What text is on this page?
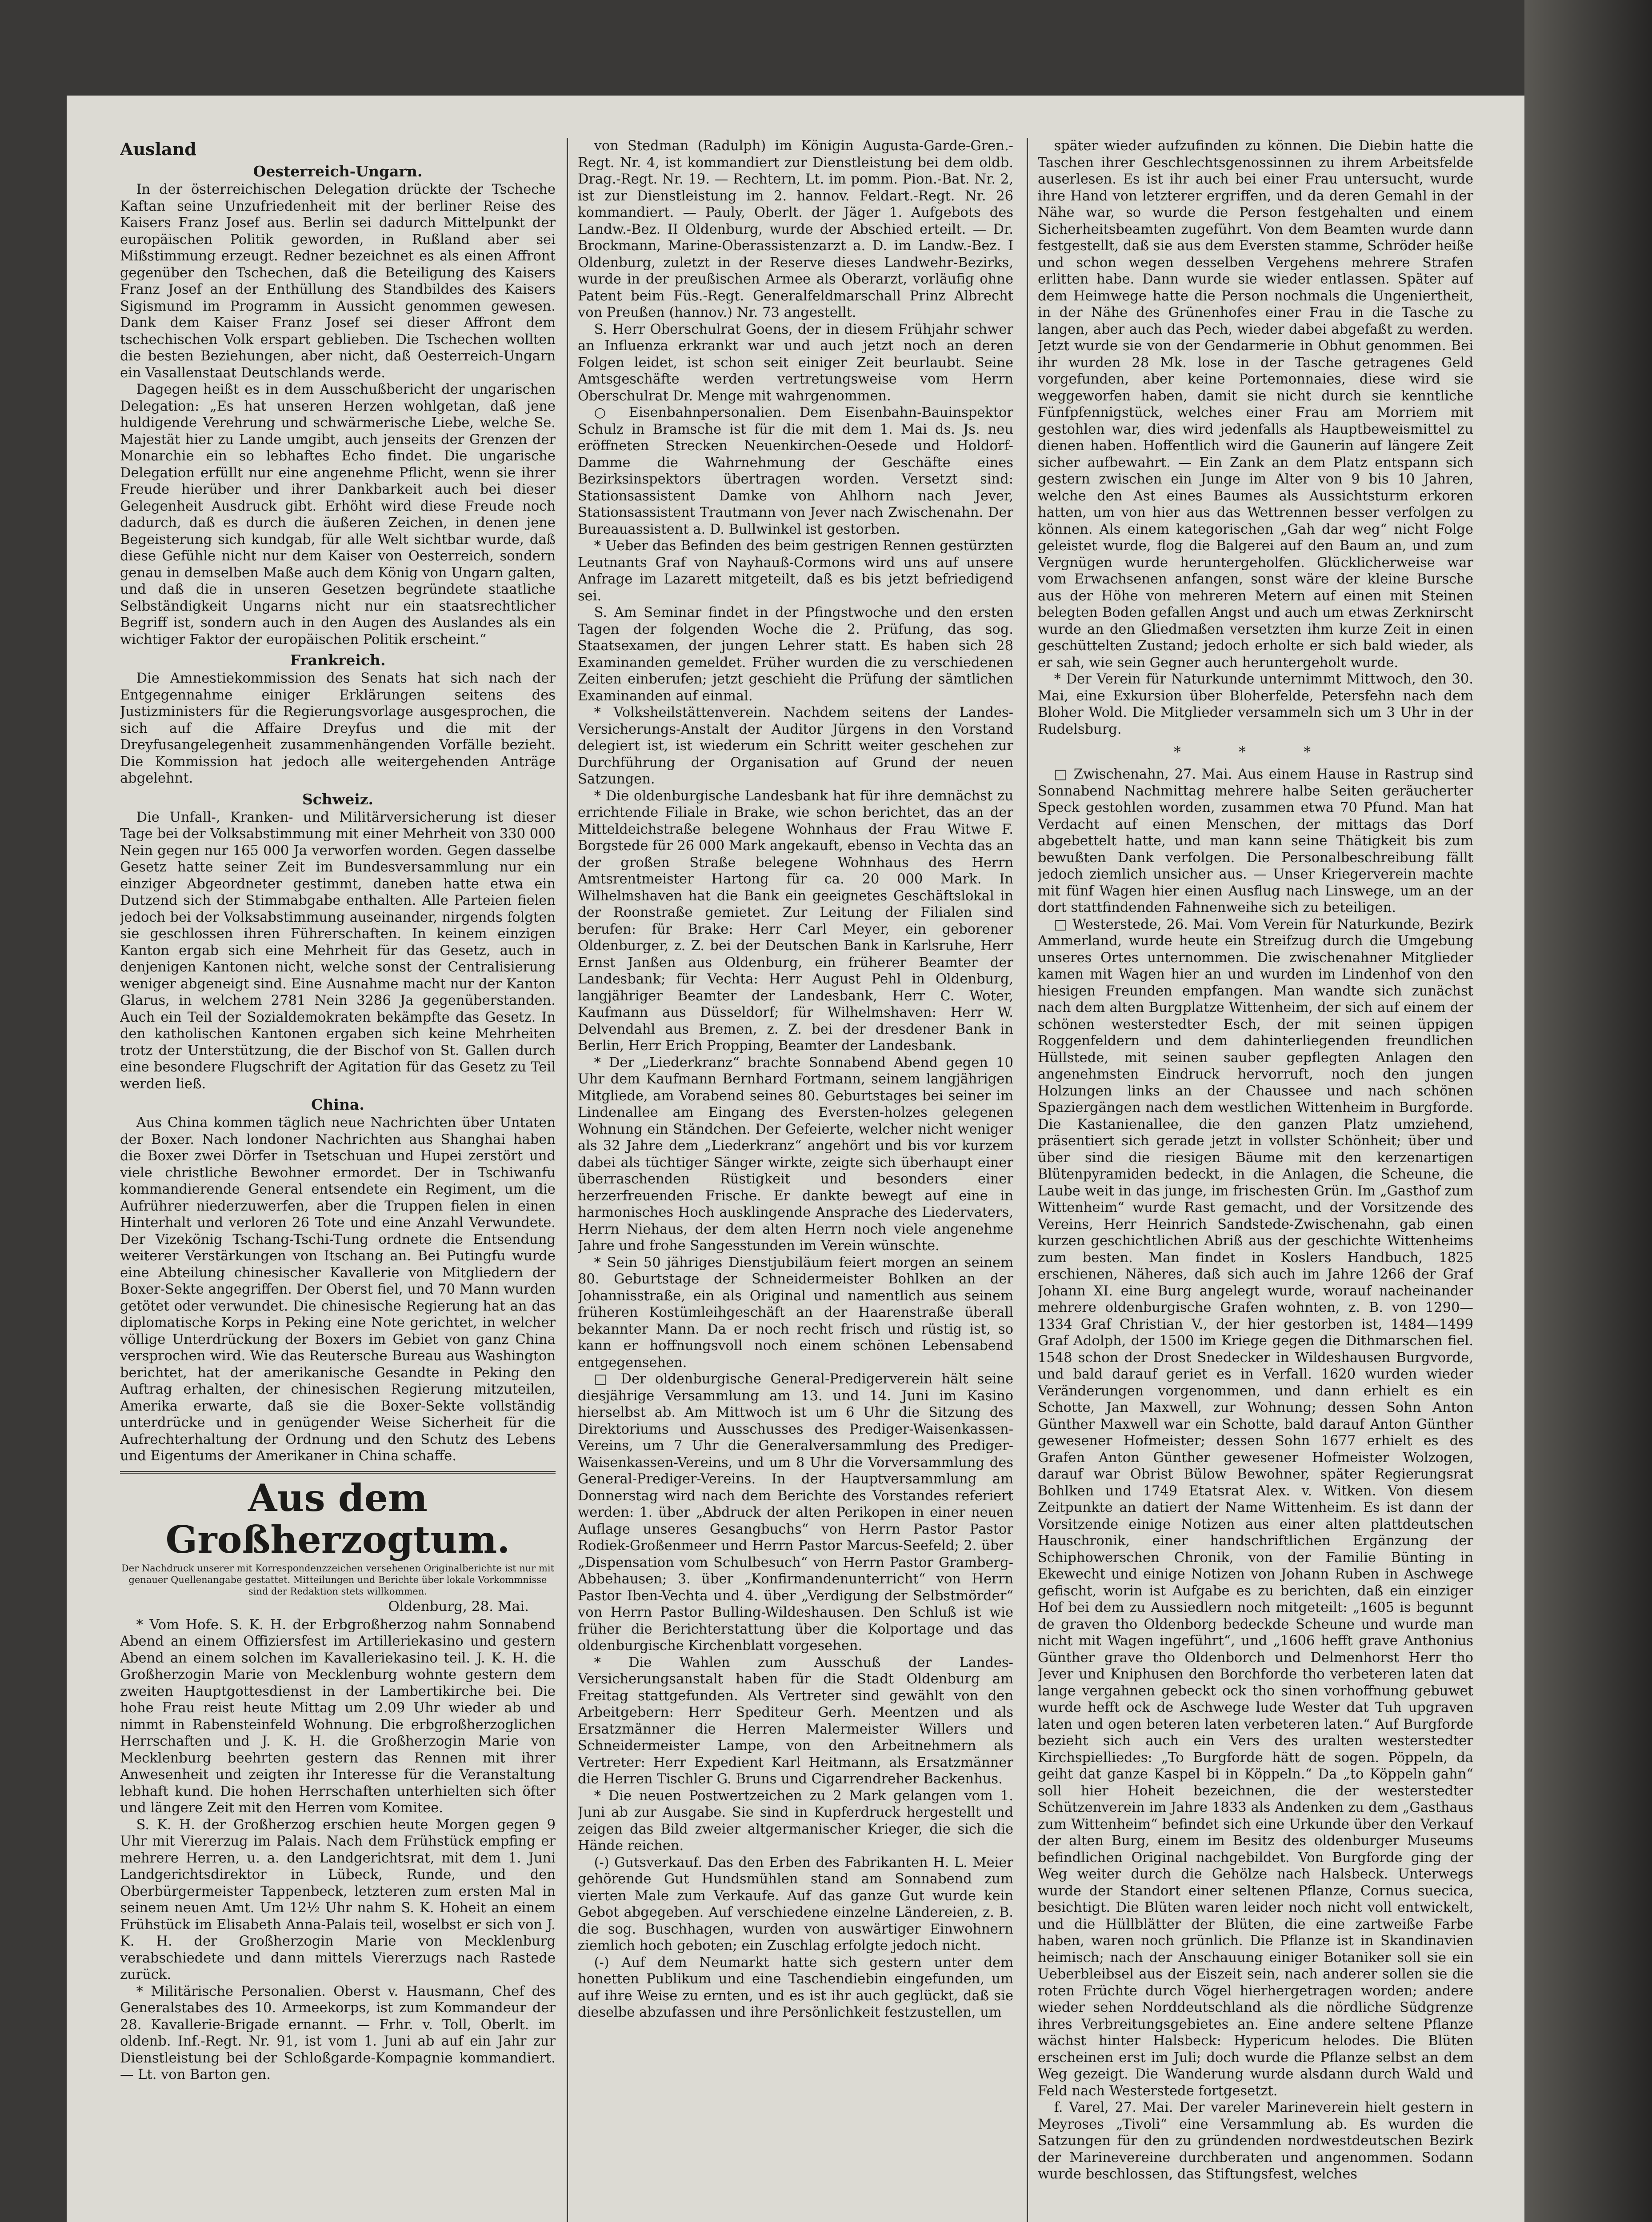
Ausland
Oesterreich-Ungarn.

In der österreichischen Delegation drückte der Tscheche Kaftan seine Unzufriedenheit mit der berliner Reise des Kaisers Franz Josef aus. Berlin sei dadurch Mittelpunkt der europäischen Politik geworden, in Rußland aber sei Mißstimmung erzeugt. Redner bezeichnet es als einen Affront gegenüber den Tschechen, daß die Beteiligung des Kaisers Franz Josef an der Enthüllung des Standbildes des Kaisers Sigismund im Programm in Aussicht genommen gewesen. Dank dem Kaiser Franz Josef sei dieser Affront dem tschechischen Volk erspart geblieben. Die Tschechen wollten die besten Beziehungen, aber nicht, daß Oesterreich-Ungarn ein Vasallenstaat Deutschlands werde.

Dagegen heißt es in dem Ausschußbericht der ungarischen Delegation: „Es hat unseren Herzen wohlgetan, daß jene huldigende Verehrung und schwärmerische Liebe, welche Se. Majestät hier zu Lande umgibt, auch jenseits der Grenzen der Monarchie ein so lebhaftes Echo findet. Die ungarische Delegation erfüllt nur eine angenehme Pflicht, wenn sie ihrer Freude hierüber und ihrer Dankbarkeit auch bei dieser Gelegenheit Ausdruck gibt. Erhöht wird diese Freude noch dadurch, daß es durch die äußeren Zeichen, in denen jene Begeisterung sich kundgab, für alle Welt sichtbar wurde, daß diese Gefühle nicht nur dem Kaiser von Oesterreich, sondern genau in demselben Maße auch dem König von Ungarn galten, und daß die in unseren Gesetzen begründete staatliche Selbständigkeit Ungarns nicht nur ein staatsrechtlicher Begriff ist, sondern auch in den Augen des Auslandes als ein wichtiger Faktor der europäischen Politik erscheint.“

Frankreich.

Die Amnestiekommission des Senats hat sich nach der Entgegennahme einiger Erklärungen seitens des Justizministers für die Regierungsvorlage ausgesprochen, die sich auf die Affaire Dreyfus und die mit der Dreyfusangelegenheit zusammenhängenden Vorfälle bezieht. Die Kommission hat jedoch alle weitergehenden Anträge abgelehnt.

Schweiz.

Die Unfall-, Kranken- und Militärversicherung ist dieser Tage bei der Volksabstimmung mit einer Mehrheit von 330 000 Nein gegen nur 165 000 Ja verworfen worden. Gegen dasselbe Gesetz hatte seiner Zeit im Bundesversammlung nur ein einziger Abgeordneter gestimmt, daneben hatte etwa ein Dutzend sich der Stimmabgabe enthalten. Alle Parteien fielen jedoch bei der Volksabstimmung auseinander, nirgends folgten sie geschlossen ihren Führerschaften. In keinem einzigen Kanton ergab sich eine Mehrheit für das Gesetz, auch in denjenigen Kantonen nicht, welche sonst der Centralisierung weniger abgeneigt sind. Eine Ausnahme macht nur der Kanton Glarus, in welchem 2781 Nein 3286 Ja gegenüberstanden. Auch ein Teil der Sozialdemokraten bekämpfte das Gesetz. In den katholischen Kantonen ergaben sich keine Mehrheiten trotz der Unterstützung, die der Bischof von St. Gallen durch eine besondere Flugschrift der Agitation für das Gesetz zu Teil werden ließ.

China.

Aus China kommen täglich neue Nachrichten über Untaten der Boxer. Nach londoner Nachrichten aus Shanghai haben die Boxer zwei Dörfer in Tsetschuan und Hupei zerstört und viele christliche Bewohner ermordet. Der in Tschiwanfu kommandierende General entsendete ein Regiment, um die Aufrührer niederzuwerfen, aber die Truppen fielen in einen Hinterhalt und verloren 26 Tote und eine Anzahl Verwundete. Der Vizekönig Tschang-Tschi-Tung ordnete die Entsendung weiterer Verstärkungen von Itschang an. Bei Putingfu wurde eine Abteilung chinesischer Kavallerie von Mitgliedern der Boxer-Sekte angegriffen. Der Oberst fiel, und 70 Mann wurden getötet oder verwundet. Die chinesische Regierung hat an das diplomatische Korps in Peking eine Note gerichtet, in welcher völlige Unterdrückung der Boxers im Gebiet von ganz China versprochen wird. Wie das Reutersche Bureau aus Washington berichtet, hat der amerikanische Gesandte in Peking den Auftrag erhalten, der chinesischen Regierung mitzuteilen, Amerika erwarte, daß sie die Boxer-Sekte vollständig unterdrücke und in genügender Weise Sicherheit für die Aufrechterhaltung der Ordnung und den Schutz des Lebens und Eigentums der Amerikaner in China schaffe.

Aus dem Großherzogtum.

Der Nachdruck unserer mit Korrespondenzzeichen versehenen Originalberichte ist nur mit genauer Quellenangabe gestattet. Mitteilungen und Berichte über lokale Vorkommnisse sind der Redaktion stets willkommen.

Oldenburg, 28. Mai.

* Vom Hofe. S. K. H. der Erbgroßherzog nahm Sonnabend Abend an einem Offiziersfest im Artilleriekasino und gestern Abend an einem solchen im Kavalleriekasino teil. J. K. H. die Großherzogin Marie von Mecklenburg wohnte gestern dem zweiten Hauptgottesdienst in der Lambertikirche bei. Die hohe Frau reist heute Mittag um 2.09 Uhr wieder ab und nimmt in Rabensteinfeld Wohnung. Die erbgroßherzoglichen Herrschaften und J. K. H. die Großherzogin Marie von Mecklenburg beehrten gestern das Rennen mit ihrer Anwesenheit und zeigten ihr Interesse für die Veranstaltung lebhaft kund. Die hohen Herrschaften unterhielten sich öfter und längere Zeit mit den Herren vom Komitee.

S. K. H. der Großherzog erschien heute Morgen gegen 9 Uhr mit Viererzug im Palais. Nach dem Frühstück empfing er mehrere Herren, u. a. den Landgerichtsrat, mit dem 1. Juni Landgerichtsdirektor in Lübeck, Runde, und den Oberbürgermeister Tappenbeck, letzteren zum ersten Mal in seinem neuen Amt. Um 12½ Uhr nahm S. K. Hoheit an einem Frühstück im Elisabeth Anna-Palais teil, woselbst er sich von J. K. H. der Großherzogin Marie von Mecklenburg verabschiedete und dann mittels Viererzugs nach Rastede zurück.

* Militärische Personalien. Oberst v. Hausmann, Chef des Generalstabes des 10. Armeekorps, ist zum Kommandeur der 28. Kavallerie-Brigade ernannt. — Frhr. v. Toll, Oberlt. im oldenb. Inf.-Regt. Nr. 91, ist vom 1. Juni ab auf ein Jahr zur Dienstleistung bei der Schloßgarde-Kompagnie kommandiert. — Lt. von Barton gen.

von Stedman (Radulph) im Königin Augusta-Garde-Gren.-Regt. Nr. 4, ist kommandiert zur Dienstleistung bei dem oldb. Drag.-Regt. Nr. 19. — Rechtern, Lt. im pomm. Pion.-Bat. Nr. 2, ist zur Dienstleistung im 2. hannov. Feldart.-Regt. Nr. 26 kommandiert. — Pauly, Oberlt. der Jäger 1. Aufgebots des Landw.-Bez. II Oldenburg, wurde der Abschied erteilt. — Dr. Brockmann, Marine-Oberassistenzarzt a. D. im Landw.-Bez. I Oldenburg, zuletzt in der Reserve dieses Landwehr-Bezirks, wurde in der preußischen Armee als Oberarzt, vorläufig ohne Patent beim Füs.-Regt. Generalfeldmarschall Prinz Albrecht von Preußen (hannov.) Nr. 73 angestellt.

S. Herr Oberschulrat Goens, der in diesem Frühjahr schwer an Influenza erkrankt war und auch jetzt noch an deren Folgen leidet, ist schon seit einiger Zeit beurlaubt. Seine Amtsgeschäfte werden vertretungsweise vom Herrn Oberschulrat Dr. Menge mit wahrgenommen.

○ Eisenbahnpersonalien. Dem Eisenbahn-Bauinspektor Schulz in Bramsche ist für die mit dem 1. Mai ds. Js. neu eröffneten Strecken Neuenkirchen-Oesede und Holdorf-Damme die Wahrnehmung der Geschäfte eines Bezirksinspektors übertragen worden. Versetzt sind: Stationsassistent Damke von Ahlhorn nach Jever, Stationsassistent Trautmann von Jever nach Zwischenahn. Der Bureauassistent a. D. Bullwinkel ist gestorben.

* Ueber das Befinden des beim gestrigen Rennen gestürzten Leutnants Graf von Nayhauß-Cormons wird uns auf unsere Anfrage im Lazarett mitgeteilt, daß es bis jetzt befriedigend sei.

S. Am Seminar findet in der Pfingstwoche und den ersten Tagen der folgenden Woche die 2. Prüfung, das sog. Staatsexamen, der jungen Lehrer statt. Es haben sich 28 Examinanden gemeldet. Früher wurden die zu verschiedenen Zeiten einberufen; jetzt geschieht die Prüfung der sämtlichen Examinanden auf einmal.

* Volksheilstättenverein. Nachdem seitens der Landes-Versicherungs-Anstalt der Auditor Jürgens in den Vorstand delegiert ist, ist wiederum ein Schritt weiter geschehen zur Durchführung der Organisation auf Grund der neuen Satzungen.

* Die oldenburgische Landesbank hat für ihre demnächst zu errichtende Filiale in Brake, wie schon berichtet, das an der Mitteldeichstraße belegene Wohnhaus der Frau Witwe F. Borgstede für 26 000 Mark angekauft, ebenso in Vechta das an der großen Straße belegene Wohnhaus des Herrn Amtsrentmeister Hartong für ca. 20 000 Mark. In Wilhelmshaven hat die Bank ein geeignetes Geschäftslokal in der Roonstraße gemietet. Zur Leitung der Filialen sind berufen: für Brake: Herr Carl Meyer, ein geborener Oldenburger, z. Z. bei der Deutschen Bank in Karlsruhe, Herr Ernst Janßen aus Oldenburg, ein früherer Beamter der Landesbank; für Vechta: Herr August Pehl in Oldenburg, langjähriger Beamter der Landesbank, Herr C. Woter, Kaufmann aus Düsseldorf; für Wilhelmshaven: Herr W. Delvendahl aus Bremen, z. Z. bei der dresdener Bank in Berlin, Herr Erich Propping, Beamter der Landesbank.

* Der „Liederkranz“ brachte Sonnabend Abend gegen 10 Uhr dem Kaufmann Bernhard Fortmann, seinem langjährigen Mitgliede, am Vorabend seines 80. Geburtstages bei seiner im Lindenallee am Eingang des Eversten-holzes gelegenen Wohnung ein Ständchen. Der Gefeierte, welcher nicht weniger als 32 Jahre dem „Liederkranz“ angehört und bis vor kurzem dabei als tüchtiger Sänger wirkte, zeigte sich überhaupt einer überraschenden Rüstigkeit und besonders einer herzerfreuenden Frische. Er dankte bewegt auf eine in harmonisches Hoch ausklingende Ansprache des Liedervaters, Herrn Niehaus, der dem alten Herrn noch viele angenehme Jahre und frohe Sangesstunden im Verein wünschte.

* Sein 50 jähriges Dienstjubiläum feiert morgen an seinem 80. Geburtstage der Schneidermeister Bohlken an der Johannisstraße, ein als Original und namentlich aus seinem früheren Kostümleihgeschäft an der Haarenstraße überall bekannter Mann. Da er noch recht frisch und rüstig ist, so kann er hoffnungsvoll noch einem schönen Lebensabend entgegensehen.

□ Der oldenburgische General-Predigerverein hält seine diesjährige Versammlung am 13. und 14. Juni im Kasino hierselbst ab. Am Mittwoch ist um 6 Uhr die Sitzung des Direktoriums und Ausschusses des Prediger-Waisenkassen-Vereins, um 7 Uhr die Generalversammlung des Prediger-Waisenkassen-Vereins, und um 8 Uhr die Vorversammlung des General-Prediger-Vereins. In der Hauptversammlung am Donnerstag wird nach dem Berichte des Vorstandes referiert werden: 1. über „Abdruck der alten Perikopen in einer neuen Auflage unseres Gesangbuchs“ von Herrn Pastor Pastor Rodiek-Großenmeer und Herrn Pastor Marcus-Seefeld; 2. über „Dispensation vom Schulbesuch“ von Herrn Pastor Gramberg-Abbehausen; 3. über „Konfirmandenunterricht“ von Herrn Pastor Iben-Vechta und 4. über „Verdigung der Selbstmörder“ von Herrn Pastor Bulling-Wildeshausen. Den Schluß ist wie früher die Berichterstattung über die Kolportage und das oldenburgische Kirchenblatt vorgesehen.

* Die Wahlen zum Ausschuß der Landes-Versicherungsanstalt haben für die Stadt Oldenburg am Freitag stattgefunden. Als Vertreter sind gewählt von den Arbeitgebern: Herr Spediteur Gerh. Meentzen und als Ersatzmänner die Herren Malermeister Willers und Schneidermeister Lampe, von den Arbeitnehmern als Vertreter: Herr Expedient Karl Heitmann, als Ersatzmänner die Herren Tischler G. Bruns und Cigarrendreher Backenhus.

* Die neuen Postwertzeichen zu 2 Mark gelangen vom 1. Juni ab zur Ausgabe. Sie sind in Kupferdruck hergestellt und zeigen das Bild zweier altgermanischer Krieger, die sich die Hände reichen.

(-) Gutsverkauf. Das den Erben des Fabrikanten H. L. Meier gehörende Gut Hundsmühlen stand am Sonnabend zum vierten Male zum Verkaufe. Auf das ganze Gut wurde kein Gebot abgegeben. Auf verschiedene einzelne Ländereien, z. B. die sog. Buschhagen, wurden von auswärtiger Einwohnern ziemlich hoch geboten; ein Zuschlag erfolgte jedoch nicht.

(-) Auf dem Neumarkt hatte sich gestern unter dem honetten Publikum und eine Taschendiebin eingefunden, um auf ihre Weise zu ernten, und es ist ihr auch geglückt, daß sie dieselbe abzufassen und ihre Persönlichkeit festzustellen, um

später wieder aufzufinden zu können. Die Diebin hatte die Taschen ihrer Geschlechtsgenossinnen zu ihrem Arbeitsfelde auserlesen. Es ist ihr auch bei einer Frau untersucht, wurde ihre Hand von letzterer ergriffen, und da deren Gemahl in der Nähe war, so wurde die Person festgehalten und einem Sicherheitsbeamten zugeführt. Von dem Beamten wurde dann festgestellt, daß sie aus dem Eversten stamme, Schröder heiße und schon wegen desselben Vergehens mehrere Strafen erlitten habe. Dann wurde sie wieder entlassen. Später auf dem Heimwege hatte die Person nochmals die Ungeniertheit, in der Nähe des Grünenhofes einer Frau in die Tasche zu langen, aber auch das Pech, wieder dabei abgefaßt zu werden. Jetzt wurde sie von der Gendarmerie in Obhut genommen. Bei ihr wurden 28 Mk. lose in der Tasche getragenes Geld vorgefunden, aber keine Portemonnaies, diese wird sie weggeworfen haben, damit sie nicht durch sie kenntliche Fünfpfennigstück, welches einer Frau am Morriem mit gestohlen war, dies wird jedenfalls als Hauptbeweismittel zu dienen haben. Hoffentlich wird die Gaunerin auf längere Zeit sicher aufbewahrt. — Ein Zank an dem Platz entspann sich gestern zwischen ein Junge im Alter von 9 bis 10 Jahren, welche den Ast eines Baumes als Aussichtsturm erkoren hatten, um von hier aus das Wettrennen besser verfolgen zu können. Als einem kategorischen „Gah dar weg“ nicht Folge geleistet wurde, flog die Balgerei auf den Baum an, und zum Vergnügen wurde heruntergeholfen. Glücklicherweise war vom Erwachsenen anfangen, sonst wäre der kleine Bursche aus der Höhe von mehreren Metern auf einen mit Steinen belegten Boden gefallen Angst und auch um etwas Zerknirscht wurde an den Gliedmaßen versetzten ihm kurze Zeit in einen geschüttelten Zustand; jedoch erholte er sich bald wieder, als er sah, wie sein Gegner auch heruntergeholt wurde.

* Der Verein für Naturkunde unternimmt Mittwoch, den 30. Mai, eine Exkursion über Bloherfelde, Petersfehn nach dem Bloher Wold. Die Mitglieder versammeln sich um 3 Uhr in der Rudelsburg.

* * *

□ Zwischenahn, 27. Mai. Aus einem Hause in Rastrup sind Sonnabend Nachmittag mehrere halbe Seiten geräucherter Speck gestohlen worden, zusammen etwa 70 Pfund. Man hat Verdacht auf einen Menschen, der mittags das Dorf abgebettelt hatte, und man kann seine Thätigkeit bis zum bewußten Dank verfolgen. Die Personalbeschreibung fällt jedoch ziemlich unsicher aus. — Unser Kriegerverein machte mit fünf Wagen hier einen Ausflug nach Linswege, um an der dort stattfindenden Fahnenweihe sich zu beteiligen.

□ Westerstede, 26. Mai. Vom Verein für Naturkunde, Bezirk Ammerland, wurde heute ein Streifzug durch die Umgebung unseres Ortes unternommen. Die zwischenahner Mitglieder kamen mit Wagen hier an und wurden im Lindenhof von den hiesigen Freunden empfangen. Man wandte sich zunächst nach dem alten Burgplatze Wittenheim, der sich auf einem der schönen westerstedter Esch, der mit seinen üppigen Roggenfeldern und dem dahinterliegenden freundlichen Hüllstede, mit seinen sauber gepflegten Anlagen den angenehmsten Eindruck hervorruft, noch den jungen Holzungen links an der Chaussee und nach schönen Spaziergängen nach dem westlichen Wittenheim in Burgforde. Die Kastanienallee, die den ganzen Platz umziehend, präsentiert sich gerade jetzt in vollster Schönheit; über und über sind die riesigen Bäume mit den kerzenartigen Blütenpyramiden bedeckt, in die Anlagen, die Scheune, die Laube weit in das junge, im frischesten Grün. Im „Gasthof zum Wittenheim“ wurde Rast gemacht, und der Vorsitzende des Vereins, Herr Heinrich Sandstede-Zwischenahn, gab einen kurzen geschichtlichen Abriß aus der geschichte Wittenheims zum besten. Man findet in Koslers Handbuch, 1825 erschienen, Näheres, daß sich auch im Jahre 1266 der Graf Johann XI. eine Burg angelegt wurde, worauf nacheinander mehrere oldenburgische Grafen wohnten, z. B. von 1290—1334 Graf Christian V., der hier gestorben ist, 1484—1499 Graf Adolph, der 1500 im Kriege gegen die Dithmarschen fiel. 1548 schon der Drost Snedecker in Wildeshausen Burgvorde, und bald darauf geriet es in Verfall. 1620 wurden wieder Veränderungen vorgenommen, und dann erhielt es ein Schotte, Jan Maxwell, zur Wohnung; dessen Sohn Anton Günther Maxwell war ein Schotte, bald darauf Anton Günther gewesener Hofmeister; dessen Sohn 1677 erhielt es des Grafen Anton Günther gewesener Hofmeister Wolzogen, darauf war Obrist Bülow Bewohner, später Regierungsrat Bohlken und 1749 Etatsrat Alex. v. Witken. Von diesem Zeitpunkte an datiert der Name Wittenheim. Es ist dann der Vorsitzende einige Notizen aus einer alten plattdeutschen Hauschronik, einer handschriftlichen Ergänzung der Schiphowerschen Chronik, von der Familie Bünting in Ekewecht und einige Notizen von Johann Ruben in Aschwege gefischt, worin ist Aufgabe es zu berichten, daß ein einziger Hof bei dem zu Aussiedlern noch mitgeteilt: „1605 is begunnt de graven tho Oldenborg bedeckde Scheune und wurde man nicht mit Wagen ingeführt“, und „1606 hefft grave Anthonius Günther grave tho Oldenborch und Delmenhorst Herr tho Jever und Kniphusen den Borchforde tho verbeteren laten dat lange vergahnen gebeckt ock tho sinen vorhoffnung gebuwet wurde hefft ock de Aschwege lude Wester dat Tuh upgraven laten und ogen beteren laten verbeteren laten.“ Auf Burgforde bezieht sich auch ein Vers des uralten westerstedter Kirchspielliedes: „To Burgforde hätt de sogen. Pöppeln, da geiht dat ganze Kaspel bi in Köppeln.“ Da „to Köppeln gahn“ soll hier Hoheit bezeichnen, die der westerstedter Schützenverein im Jahre 1833 als Andenken zu dem „Gasthaus zum Wittenheim“ befindet sich eine Urkunde über den Verkauf der alten Burg, einem im Besitz des oldenburger Museums befindlichen Original nachgebildet. Von Burgforde ging der Weg weiter durch die Gehölze nach Halsbeck. Unterwegs wurde der Standort einer seltenen Pflanze, Cornus suecica, besichtigt. Die Blüten waren leider noch nicht voll entwickelt, und die Hüllblätter der Blüten, die eine zartweiße Farbe haben, waren noch grünlich. Die Pflanze ist in Skandinavien heimisch; nach der Anschauung einiger Botaniker soll sie ein Ueberbleibsel aus der Eiszeit sein, nach anderer sollen sie die roten Früchte durch Vögel hierhergetragen worden; andere wieder sehen Norddeutschland als die nördliche Südgrenze ihres Verbreitungsgebietes an. Eine andere seltene Pflanze wächst hinter Halsbeck: Hypericum helodes. Die Blüten erscheinen erst im Juli; doch wurde die Pflanze selbst an dem Weg gezeigt. Die Wanderung wurde alsdann durch Wald und Feld nach Westerstede fortgesetzt.

f. Varel, 27. Mai. Der vareler Marineverein hielt gestern in Meyroses „Tivoli“ eine Versammlung ab. Es wurden die Satzungen für den zu gründenden nordwestdeutschen Bezirk der Marinevereine durchberaten und angenommen. Sodann wurde beschlossen, das Stiftungsfest, welches
